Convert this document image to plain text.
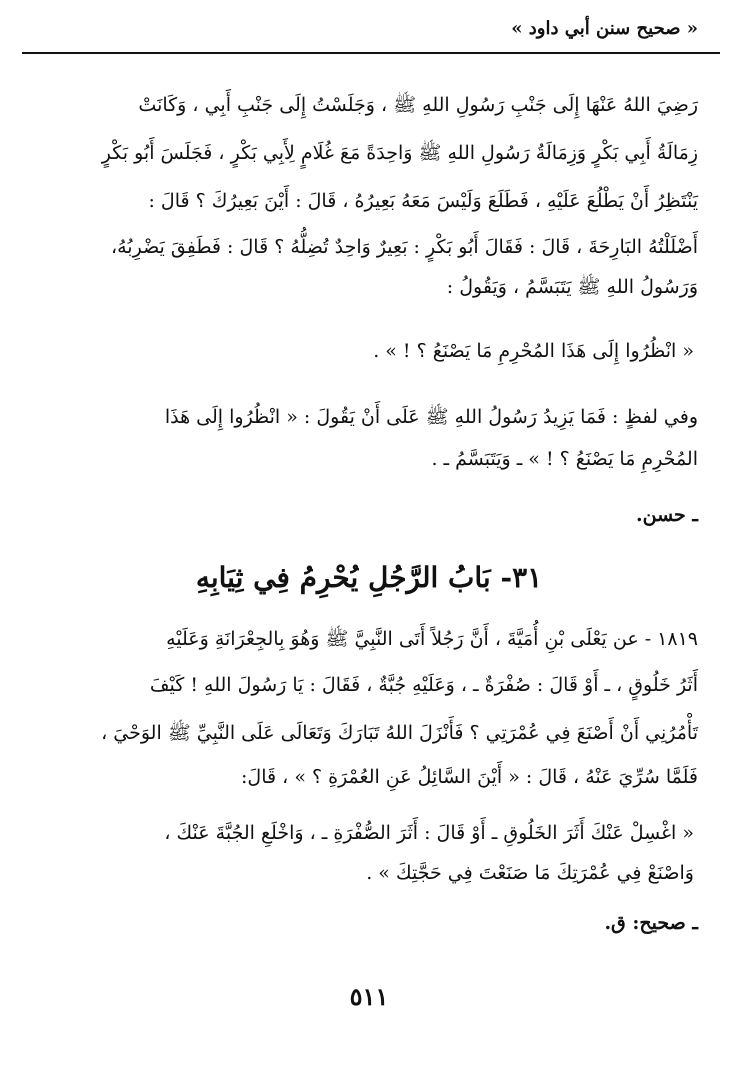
« صحيح سنن أبي داود »
رَضِيَ اللهُ عَنْهَا إِلَى جَنْبِ رَسُولِ اللهِ ﷺ ، وَجَلَسْتُ إِلَى جَنْبِ أَبِي ، وَكَانَتْ
زِمَالَةُ أَبِي بَكْرٍ وَزِمَالَةُ رَسُولِ اللهِ ﷺ وَاحِدَةً مَعَ غُلَامٍ لِأَبِي بَكْرٍ ، فَجَلَسَ أَبُو بَكْرٍ
يَنْتَظِرُ أَنْ يَطْلُعَ عَلَيْهِ ، فَطَلَعَ وَلَيْسَ مَعَهُ بَعِيرُهُ ، قَالَ : أَيْنَ بَعِيرُكَ ؟ قَالَ :
أَضْلَلْتُهُ البَارِحَةَ ، قَالَ : فَقَالَ أَبُو بَكْرٍ : بَعِيرٌ وَاحِدٌ تُضِلُّهُ ؟ قَالَ : فَطَفِقَ يَضْرِبُهُ،
وَرَسُولُ اللهِ ﷺ يَتَبَسَّمُ ، وَيَقُولُ :
« انْظُرُوا إِلَى هَذَا المُحْرِمِ مَا يَصْنَعُ ؟ ! » .
وفي لفظٍ : فَمَا يَزِيدُ رَسُولُ اللهِ ﷺ عَلَى أَنْ يَقُولَ : « انْظُرُوا إِلَى هَذَا
المُحْرِمِ مَا يَصْنَعُ ؟ ! » ـ وَيَتَبَسَّمُ ـ .
ـ حسن.
٣١- بَابُ الرَّجُلِ يُحْرِمُ فِي ثِيَابِهِ
١٨١٩ - عن يَعْلَى بْنِ أُمَيَّةَ ، أَنَّ رَجُلاً أَتَى النَّبِيَّ ﷺ وَهُوَ بِالجِعْرَانَةِ وَعَلَيْهِ
أَثَرُ خَلُوقٍ ، ـ أَوْ قَالَ : صُفْرَةٌ ـ ، وَعَلَيْهِ جُبَّةٌ ، فَقَالَ : يَا رَسُولَ اللهِ ! كَيْفَ
تَأْمُرُنِي أَنْ أَصْنَعَ فِي عُمْرَتِي ؟ فَأَنْزَلَ اللهُ تَبَارَكَ وَتَعَالَى عَلَى النَّبِيِّ ﷺ الوَحْيَ ،
فَلَمَّا سُرِّيَ عَنْهُ ، قَالَ : « أَيْنَ السَّائِلُ عَنِ العُمْرَةِ ؟ » ، قَالَ:
« اغْسِلْ عَنْكَ أَثَرَ الخَلُوقِ ـ أَوْ قَالَ : أَثَرَ الصُّفْرَةِ ـ ، وَاخْلَعِ الجُبَّةَ عَنْكَ ،
وَاصْنَعْ فِي عُمْرَتِكَ مَا صَنَعْتَ فِي حَجَّتِكَ » .
ـ صحيح: ق.
٥١١
